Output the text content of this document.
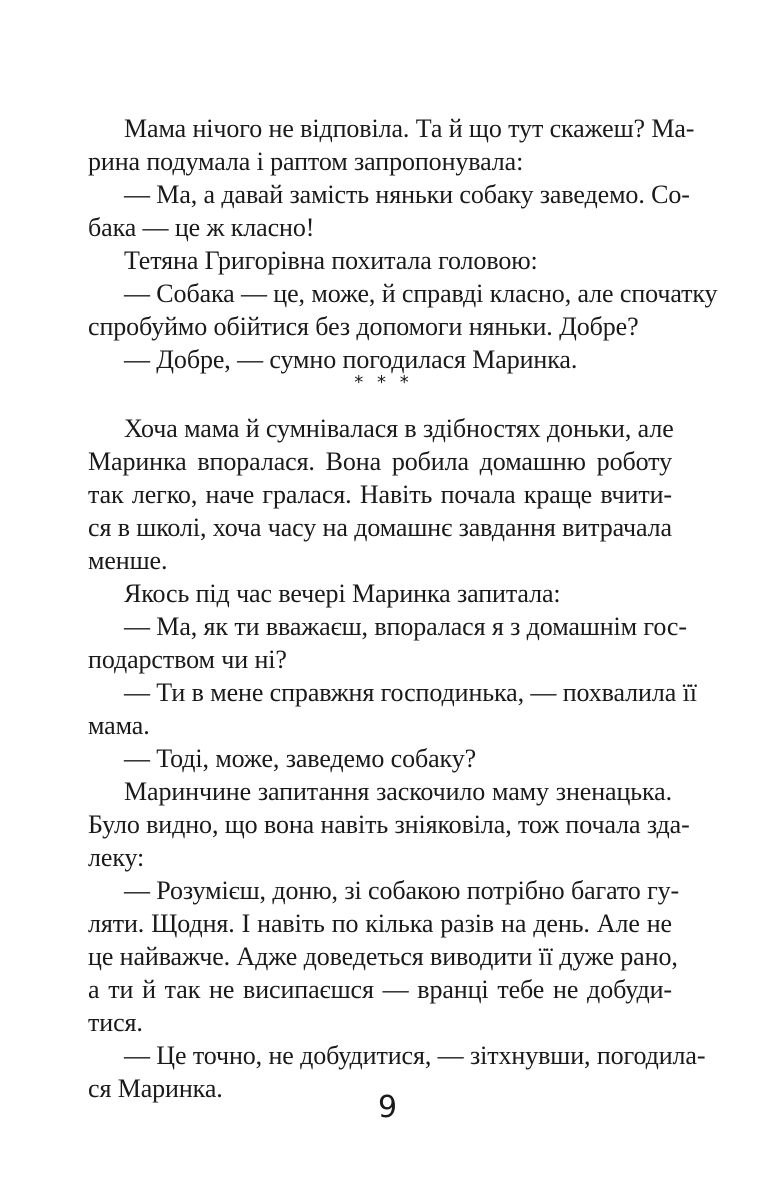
Мама нічого не відповіла. Та й що тут скажеш? Ма-
рина подумала і раптом запропонувала:
— Ма, а давай замість няньки собаку заведемо. Со-
бака — це ж класно!
Тетяна Григорівна похитала головою:
— Собака — це, може, й справді класно, але спочатку
спробуймо обійтися без допомоги няньки. Добре?
— Добре, — сумно погодилася Маринка.
* * *
Хоча мама й сумнівалася в здібностях доньки, але
Маринка впоралася. Вона робила домашню роботу
так легко, наче гралася. Навіть почала краще вчити-
ся в школі, хоча часу на домашнє завдання витрачала
менше.
Якось під час вечері Маринка запитала:
— Ма, як ти вважаєш, впоралася я з домашнім гос-
подарством чи ні?
— Ти в мене справжня господинька, — похвалила її
мама.
— Тоді, може, заведемо собаку?
Маринчине запитання заскочило маму зненацька.
Було видно, що вона навіть зніяковіла, тож почала зда-
леку:
— Розумієш, доню, зі собакою потрібно багато гу-
ляти. Щодня. І навіть по кілька разів на день. Але не
це найважче. Адже доведеться виводити її дуже рано,
а ти й так не висипаєшся — вранці тебе не добуди-
тися.
— Це точно, не добудитися, — зітхнувши, погодила-
ся Маринка.
9
